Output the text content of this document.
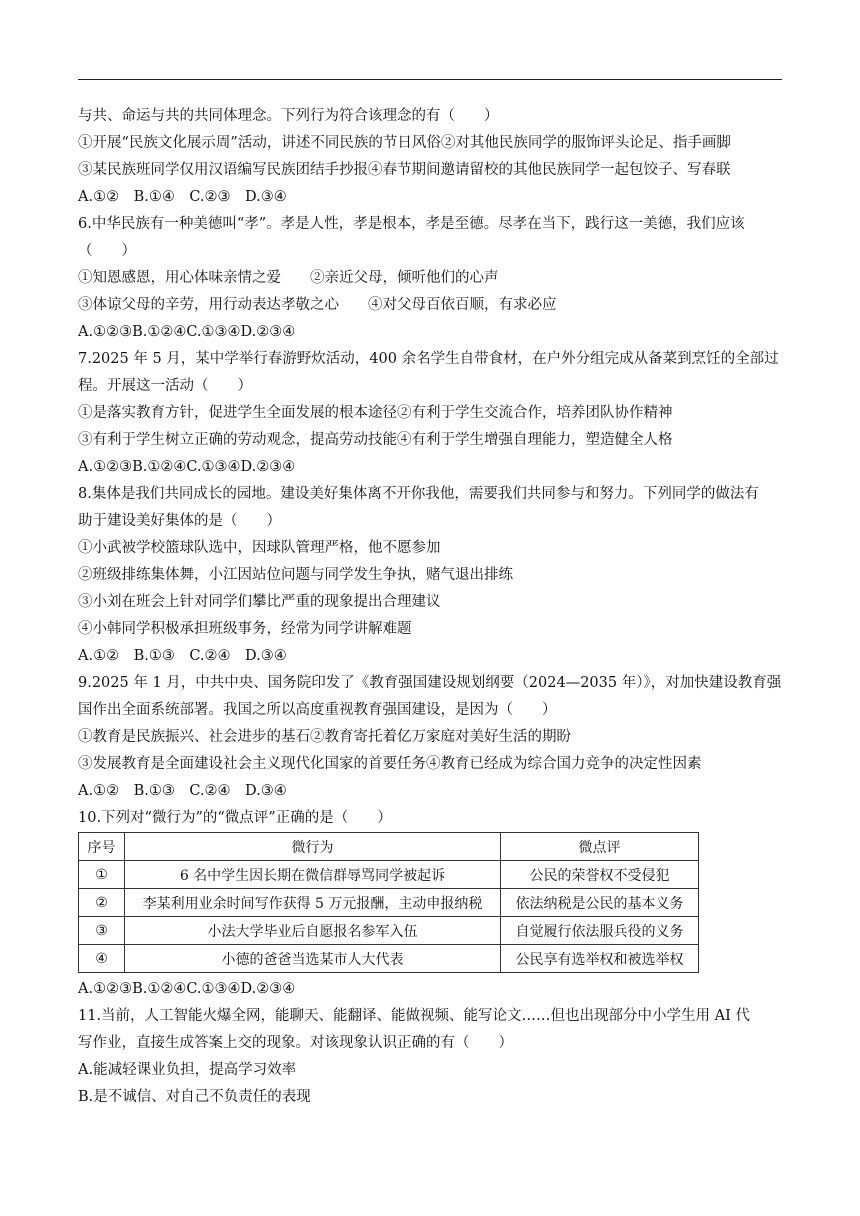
与共、命运与共的共同体理念。下列行为符合该理念的有（　　）
①开展“民族文化展示周”活动，讲述不同民族的节日风俗②对其他民族同学的服饰评头论足、指手画脚
③某民族班同学仅用汉语编写民族团结手抄报④春节期间邀请留校的其他民族同学一起包饺子、写春联
A.①②　B.①④　C.②③　D.③④
6.中华民族有一种美德叫“孝”。孝是人性，孝是根本，孝是至德。尽孝在当下，践行这一美德，我们应该
（　　）
①知恩感恩，用心体味亲情之爱　　②亲近父母，倾听他们的心声
③体谅父母的辛劳，用行动表达孝敬之心　　④对父母百依百顺，有求必应
A.①②③B.①②④C.①③④D.②③④
7.2025 年 5 月，某中学举行春游野炊活动，400 余名学生自带食材，在户外分组完成从备菜到烹饪的全部过
程。开展这一活动（　　）
①是落实教育方针，促进学生全面发展的根本途径②有利于学生交流合作，培养团队协作精神
③有利于学生树立正确的劳动观念，提高劳动技能④有利于学生增强自理能力，塑造健全人格
A.①②③B.①②④C.①③④D.②③④
8.集体是我们共同成长的园地。建设美好集体离不开你我他，需要我们共同参与和努力。下列同学的做法有
助于建设美好集体的是（　　）
①小武被学校篮球队选中，因球队管理严格，他不愿参加
②班级排练集体舞，小江因站位问题与同学发生争执，赌气退出排练
③小刘在班会上针对同学们攀比严重的现象提出合理建议
④小韩同学积极承担班级事务，经常为同学讲解难题
A.①②　B.①③　C.②④　D.③④
9.2025 年 1 月，中共中央、国务院印发了《教育强国建设规划纲要（2024—2035 年）》，对加快建设教育强
国作出全面系统部署。我国之所以高度重视教育强国建设，是因为（　　）
①教育是民族振兴、社会进步的基石②教育寄托着亿万家庭对美好生活的期盼
③发展教育是全面建设社会主义现代化国家的首要任务④教育已经成为综合国力竞争的决定性因素
A.①②　B.①③　C.②④　D.③④
10.下列对“微行为”的“微点评”正确的是（　　）
序号	微行为	微点评
①	6 名中学生因长期在微信群辱骂同学被起诉	公民的荣誉权不受侵犯
②	李某利用业余时间写作获得 5 万元报酬，主动申报纳税	依法纳税是公民的基本义务
③	小法大学毕业后自愿报名参军入伍	自觉履行依法服兵役的义务
④	小德的爸爸当选某市人大代表	公民享有选举权和被选举权
A.①②③B.①②④C.①③④D.②③④
11.当前，人工智能火爆全网，能聊天、能翻译、能做视频、能写论文……但也出现部分中小学生用 AI 代
写作业，直接生成答案上交的现象。对该现象认识正确的有（　　）
A.能减轻课业负担，提高学习效率
B.是不诚信、对自己不负责任的表现
